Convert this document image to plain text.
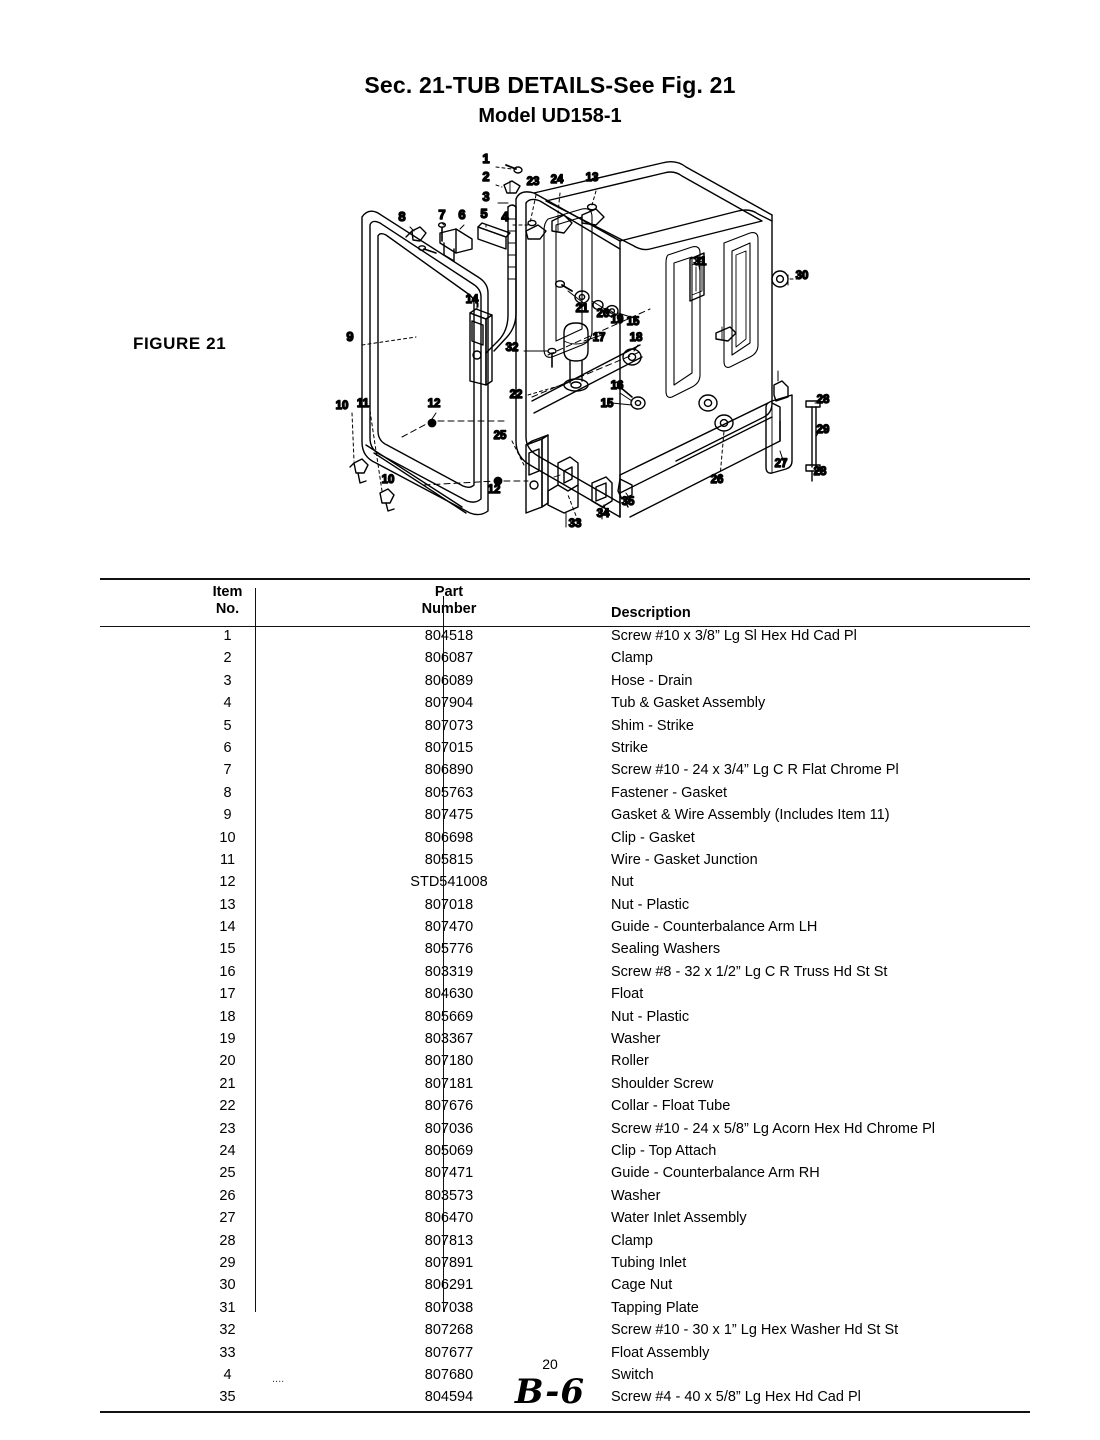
Sec. 21-TUB DETAILS-See Fig. 21
Model UD158-1
FIGURE 21
1
2
3
23 24 13
8	7 6 5 4
30
31
14
21 20 19 15
17 18
9
32
22
16
15
10 11	12
25
28
29
27
28
26
12
10
33
34
35
Item
No.
Part
Number	Description
1	804518	Screw #10 x 3/8” Lg Sl Hex Hd Cad Pl
2	806087	Clamp
3	806089	Hose - Drain
4	807904	Tub & Gasket Assembly
5	807073	Shim - Strike
6	807015	Strike
7	806890	Screw #10 - 24 x 3/4” Lg C R Flat Chrome Pl
8	805763	Fastener - Gasket
9	807475	Gasket & Wire Assembly (Includes Item 11)
10	806698	Clip - Gasket
11	805815	Wire - Gasket Junction
12	STD541008	Nut
13	807018	Nut - Plastic
14	807470	Guide - Counterbalance Arm LH
15	805776	Sealing Washers
16	803319	Screw #8 - 32 x 1/2” Lg C R Truss Hd St St
17	804630	Float
18	805669	Nut - Plastic
19	803367	Washer
20	807180	Roller
21	807181	Shoulder Screw
22	807676	Collar - Float Tube
23	807036	Screw #10 - 24 x 5/8” Lg Acorn Hex Hd Chrome Pl
24	805069	Clip - Top Attach
25	807471	Guide - Counterbalance Arm RH
26	803573	Washer
27	806470	Water Inlet Assembly
28	807813	Clamp
29	807891	Tubing Inlet
30	806291	Cage Nut
31	807038	Tapping Plate
32	807268	Screw #10 - 30 x 1” Lg Hex Washer Hd St St
33	807677	Float Assembly
4	807680	Switch
35	804594	Screw #4 - 40 x 5/8” Lg Hex Hd Cad Pl
20
B-6
....
